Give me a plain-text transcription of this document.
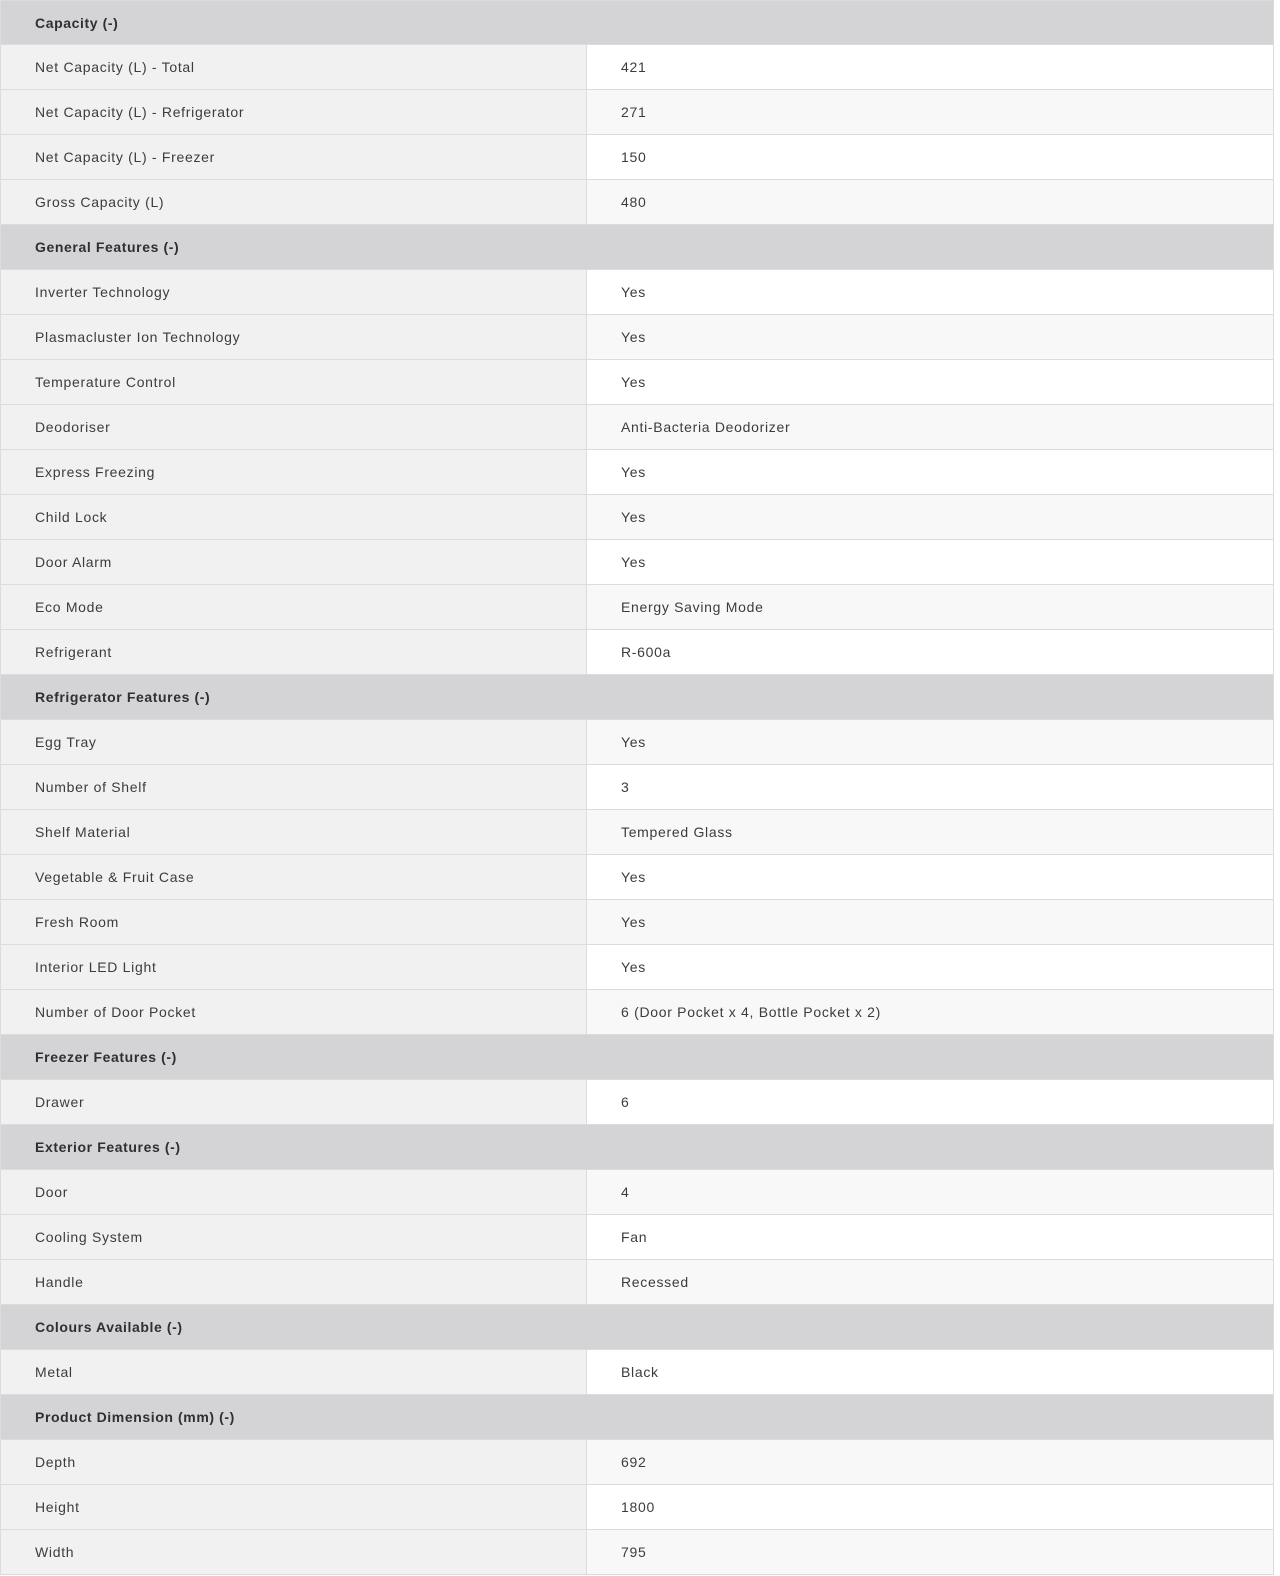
Capacity (-)
Net Capacity (L) - Total	421
Net Capacity (L) - Refrigerator	271
Net Capacity (L) - Freezer	150
Gross Capacity (L)	480
General Features (-)
Inverter Technology	Yes
Plasmacluster Ion Technology	Yes
Temperature Control	Yes
Deodoriser	Anti-Bacteria Deodorizer
Express Freezing	Yes
Child Lock	Yes
Door Alarm	Yes
Eco Mode	Energy Saving Mode
Refrigerant	R-600a
Refrigerator Features (-)
Egg Tray	Yes
Number of Shelf	3
Shelf Material	Tempered Glass
Vegetable & Fruit Case	Yes
Fresh Room	Yes
Interior LED Light	Yes
Number of Door Pocket	6 (Door Pocket x 4, Bottle Pocket x 2)
Freezer Features (-)
Drawer	6
Exterior Features (-)
Door	4
Cooling System	Fan
Handle	Recessed
Colours Available (-)
Metal	Black
Product Dimension (mm) (-)
Depth	692
Height	1800
Width	795
